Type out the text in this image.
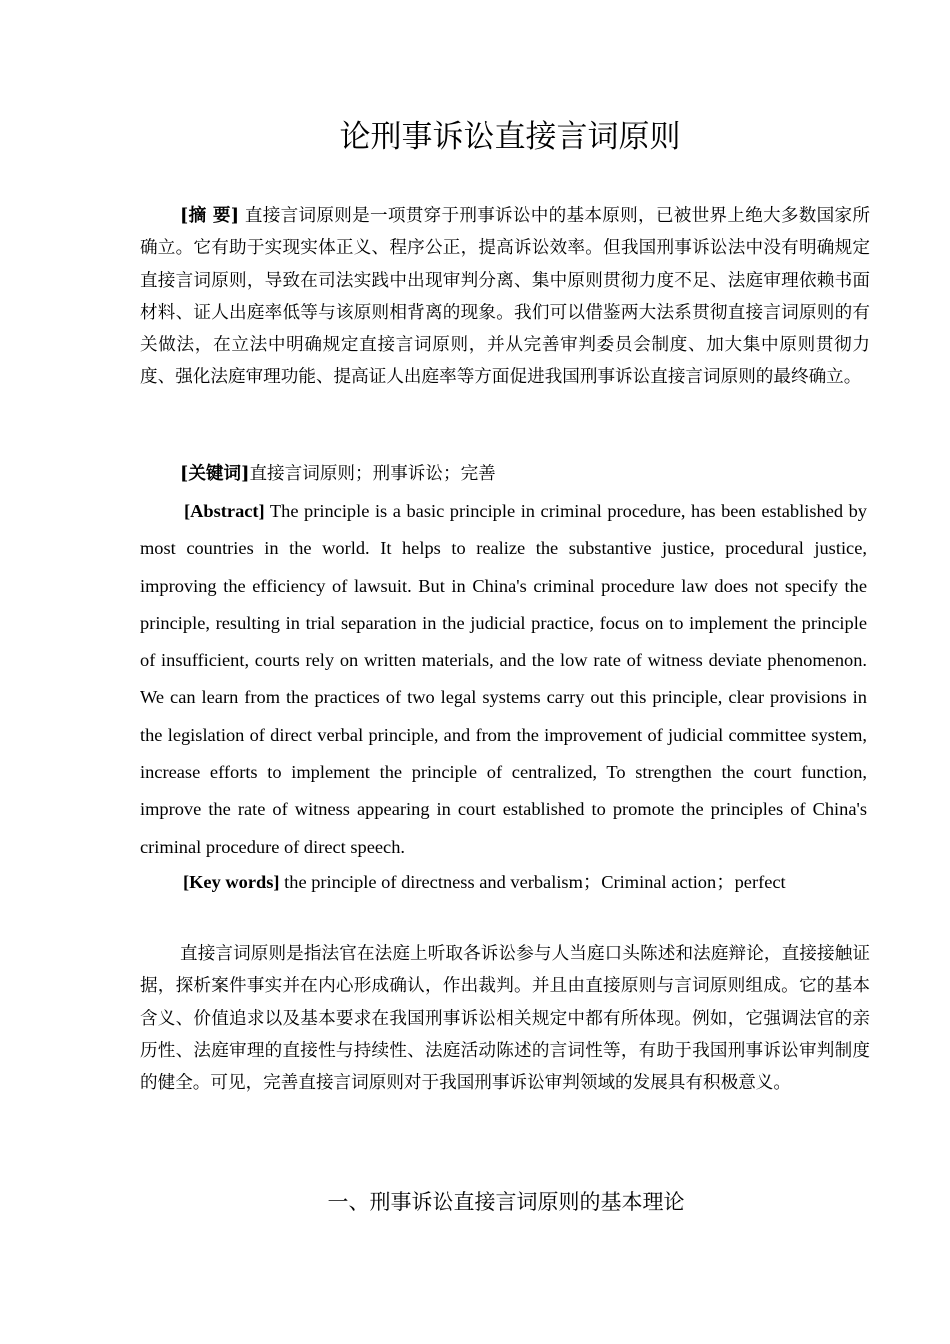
论刑事诉讼直接言词原则

[摘 要] 直接言词原则是一项贯穿于刑事诉讼中的基本原则，已被世界上绝大多数国家所确立。它有助于实现实体正义、程序公正，提高诉讼效率。但我国刑事诉讼法中没有明确规定直接言词原则，导致在司法实践中出现审判分离、集中原则贯彻力度不足、法庭审理依赖书面材料、证人出庭率低等与该原则相背离的现象。我们可以借鉴两大法系贯彻直接言词原则的有关做法，在立法中明确规定直接言词原则，并从完善审判委员会制度、加大集中原则贯彻力度、强化法庭审理功能、提高证人出庭率等方面促进我国刑事诉讼直接言词原则的最终确立。

[关键词]直接言词原则；刑事诉讼；完善

[Abstract] The principle is a basic principle in criminal procedure, has been established by most countries in the world. It helps to realize the substantive justice, procedural justice, improving the efficiency of lawsuit. But in China's criminal procedure law does not specify the principle, resulting in trial separation in the judicial practice, focus on to implement the principle of insufficient, courts rely on written materials, and the low rate of witness deviate phenomenon. We can learn from the practices of two legal systems carry out this principle, clear provisions in the legislation of direct verbal principle, and from the improvement of judicial committee system, increase efforts to implement the principle of centralized, To strengthen the court function, improve the rate of witness appearing in court established to promote the principles of China's criminal procedure of direct speech.

[Key words] the principle of directness and verbalism；Criminal action；perfect

直接言词原则是指法官在法庭上听取各诉讼参与人当庭口头陈述和法庭辩论，直接接触证据，探析案件事实并在内心形成确认，作出裁判。并且由直接原则与言词原则组成。它的基本含义、价值追求以及基本要求在我国刑事诉讼相关规定中都有所体现。例如，它强调法官的亲历性、法庭审理的直接性与持续性、法庭活动陈述的言词性等，有助于我国刑事诉讼审判制度的健全。可见，完善直接言词原则对于我国刑事诉讼审判领域的发展具有积极意义。

一、刑事诉讼直接言词原则的基本理论
